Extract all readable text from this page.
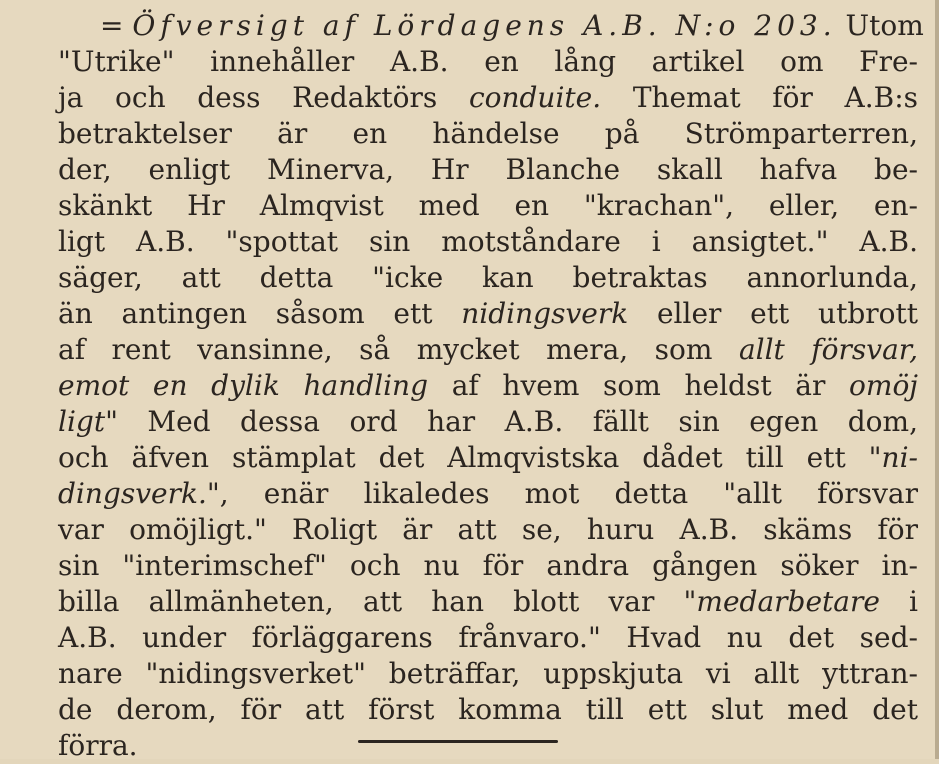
= Öfversigt af Lördagens A.B. N:o 203. Utom
"Utrike" innehåller A.B. en lång artikel om Fre-
ja och dess Redaktörs conduite. Themat för A.B:s
betraktelser är en händelse på Strömparterren,
der, enligt Minerva, Hr Blanche skall hafva be-
skänkt Hr Almqvist med en "krachan", eller, en-
ligt A.B. "spottat sin motståndare i ansigtet." A.B.
säger, att detta "icke kan betraktas annorlunda,
än antingen såsom ett nidingsverk eller ett utbrott
af rent vansinne, så mycket mera, som allt försvar,
emot en dylik handling af hvem som heldst är omöj
ligt" Med dessa ord har A.B. fällt sin egen dom,
och äfven stämplat det Almqvistska dådet till ett "ni-
dingsverk.", enär likaledes mot detta "allt försvar
var omöjligt." Roligt är att se, huru A.B. skäms för
sin "interimschef" och nu för andra gången söker in-
billa allmänheten, att han blott var "medarbetare i
A.B. under förläggarens frånvaro." Hvad nu det sed-
nare "nidingsverket" beträffar, uppskjuta vi allt yttran-
de derom, för att först komma till ett slut med det
förra.
